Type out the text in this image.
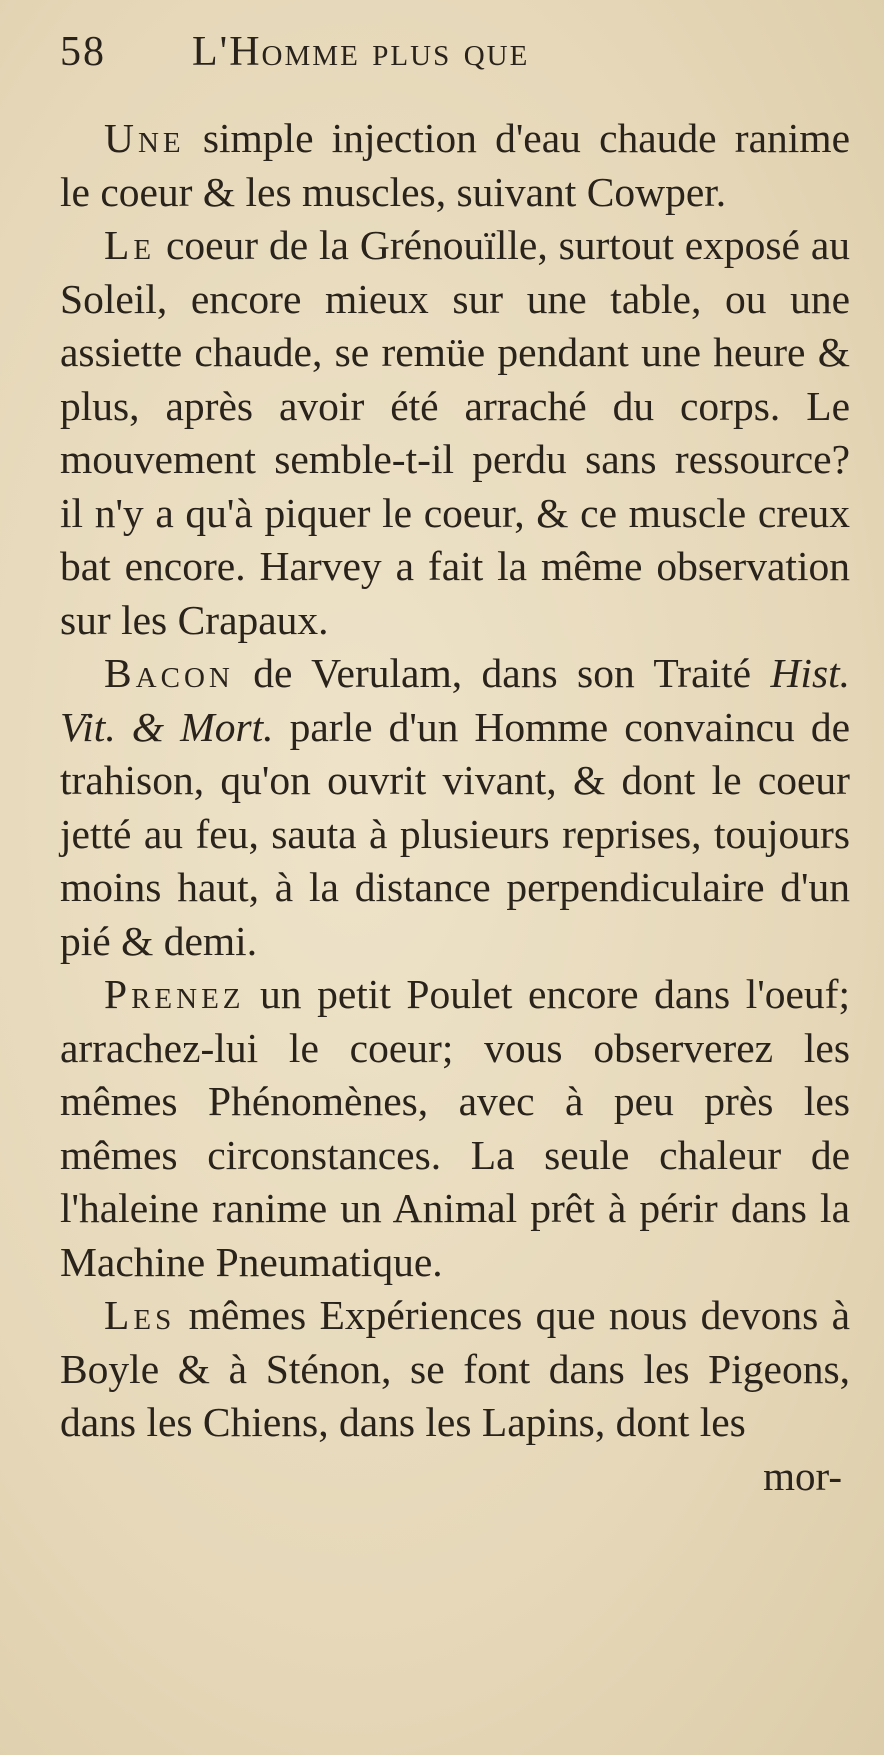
58 L'Homme plus que

Une simple injection d'eau chaude ranime le coeur & les muscles, suivant Cowper.

Le coeur de la Grénouïlle, surtout exposé au Soleil, encore mieux sur une table, ou une assiette chaude, se remüe pendant une heure & plus, après avoir été arraché du corps. Le mouvement semble-t-il perdu sans ressource? il n'y a qu'à piquer le coeur, & ce muscle creux bat encore. Harvey a fait la même observation sur les Crapaux.

Bacon de Verulam, dans son Traité Hist. Vit. & Mort. parle d'un Homme convaincu de trahison, qu'on ouvrit vivant, & dont le coeur jetté au feu, sauta à plusieurs reprises, toujours moins haut, à la distance perpendiculaire d'un pié & demi.

Prenez un petit Poulet encore dans l'oeuf; arrachez-lui le coeur; vous observerez les mêmes Phénomènes, avec à peu près les mêmes circonstances. La seule chaleur de l'haleine ranime un Animal prêt à périr dans la Machine Pneumatique.

Les mêmes Expériences que nous devons à Boyle & à Sténon, se font dans les Pigeons, dans les Chiens, dans les Lapins, dont les

mor-
